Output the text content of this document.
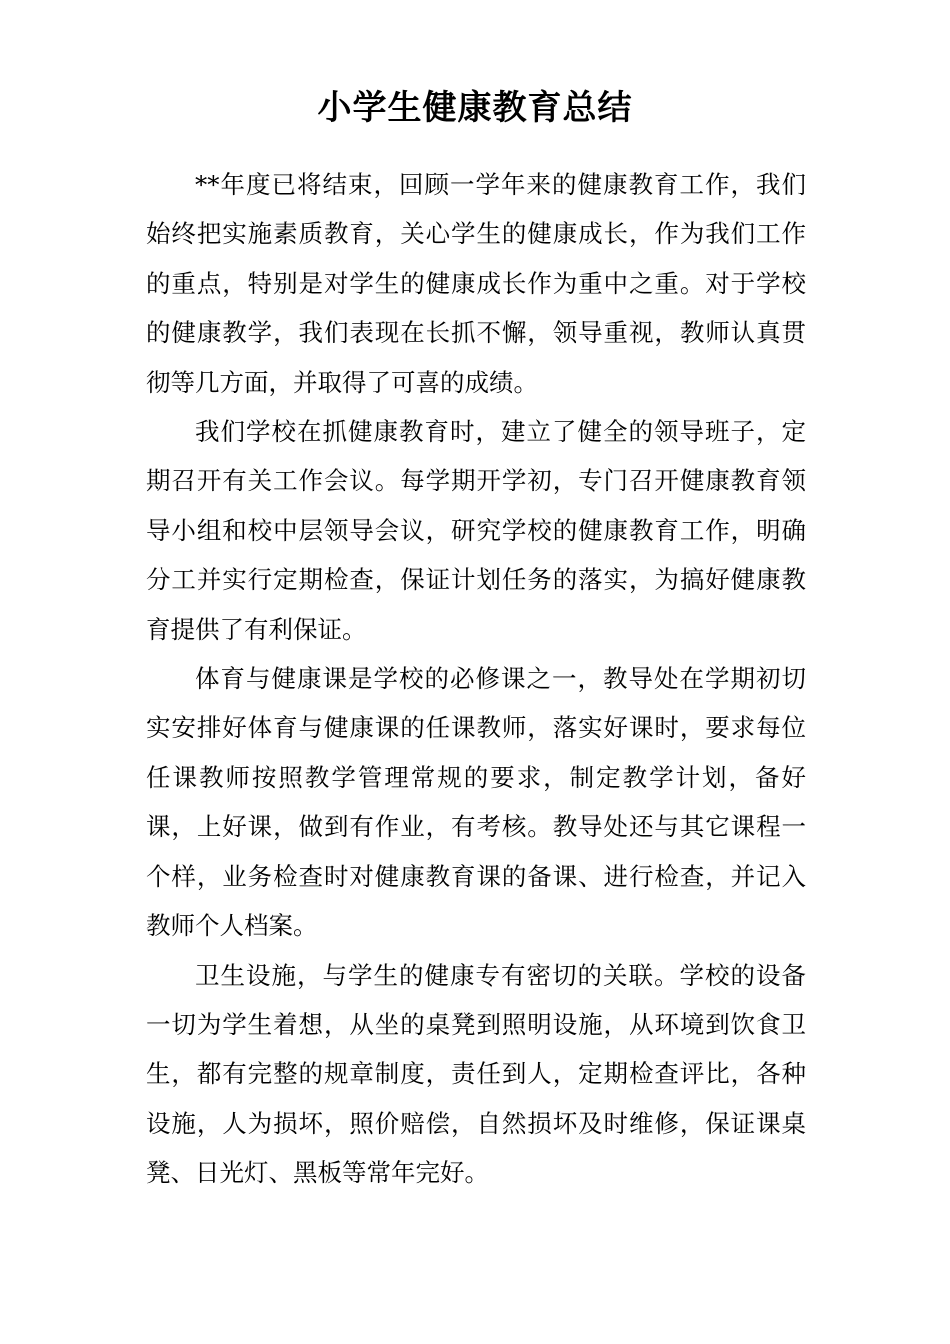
小学生健康教育总结

**年度已将结束，回顾一学年来的健康教育工作，我们始终把实施素质教育，关心学生的健康成长，作为我们工作的重点，特别是对学生的健康成长作为重中之重。对于学校的健康教学，我们表现在长抓不懈，领导重视，教师认真贯彻等几方面，并取得了可喜的成绩。

我们学校在抓健康教育时，建立了健全的领导班子，定期召开有关工作会议。每学期开学初，专门召开健康教育领导小组和校中层领导会议，研究学校的健康教育工作，明确分工并实行定期检查，保证计划任务的落实，为搞好健康教育提供了有利保证。

体育与健康课是学校的必修课之一，教导处在学期初切实安排好体育与健康课的任课教师，落实好课时，要求每位任课教师按照教学管理常规的要求，制定教学计划，备好课，上好课，做到有作业，有考核。教导处还与其它课程一个样，业务检查时对健康教育课的备课、进行检查，并记入教师个人档案。

卫生设施，与学生的健康专有密切的关联。学校的设备一切为学生着想，从坐的桌凳到照明设施，从环境到饮食卫生，都有完整的规章制度，责任到人，定期检查评比，各种设施，人为损坏，照价赔偿，自然损坏及时维修，保证课桌凳、日光灯、黑板等常年完好。
